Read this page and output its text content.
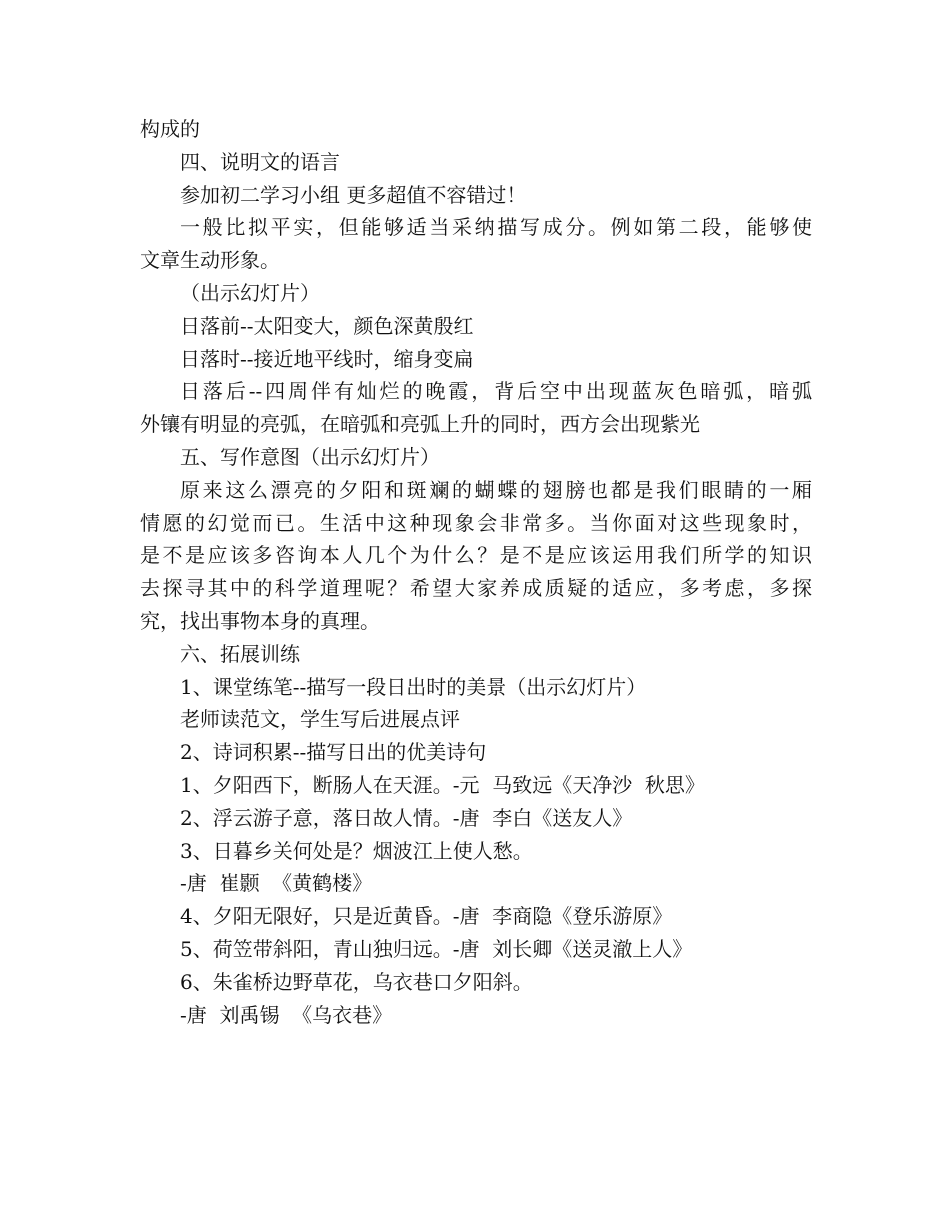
构成的
四、说明文的语言
参加初二学习小组 更多超值不容错过！
一般比拟平实，但能够适当采纳描写成分。例如第二段，能够使
文章生动形象。
（出示幻灯片）
日落前--太阳变大，颜色深黄殷红
日落时--接近地平线时，缩身变扁
日落后--四周伴有灿烂的晚霞，背后空中出现蓝灰色暗弧，暗弧
外镶有明显的亮弧，在暗弧和亮弧上升的同时，西方会出现紫光
五、写作意图（出示幻灯片）
原来这么漂亮的夕阳和斑斓的蝴蝶的翅膀也都是我们眼睛的一厢
情愿的幻觉而已。生活中这种现象会非常多。当你面对这些现象时，
是不是应该多咨询本人几个为什么？是不是应该运用我们所学的知识
去探寻其中的科学道理呢？希望大家养成质疑的适应，多考虑，多探
究，找出事物本身的真理。
六、拓展训练
1、课堂练笔--描写一段日出时的美景（出示幻灯片）
老师读范文，学生写后进展点评
2、诗词积累--描写日出的优美诗句
1、夕阳西下，断肠人在天涯。-元  马致远《天净沙  秋思》
2、浮云游子意，落日故人情。-唐  李白《送友人》
3、日暮乡关何处是？烟波江上使人愁。
-唐  崔颢  《黄鹤楼》
4、夕阳无限好，只是近黄昏。-唐  李商隐《登乐游原》
5、荷笠带斜阳，青山独归远。-唐  刘长卿《送灵澈上人》
6、朱雀桥边野草花，乌衣巷口夕阳斜。
-唐  刘禹锡  《乌衣巷》
